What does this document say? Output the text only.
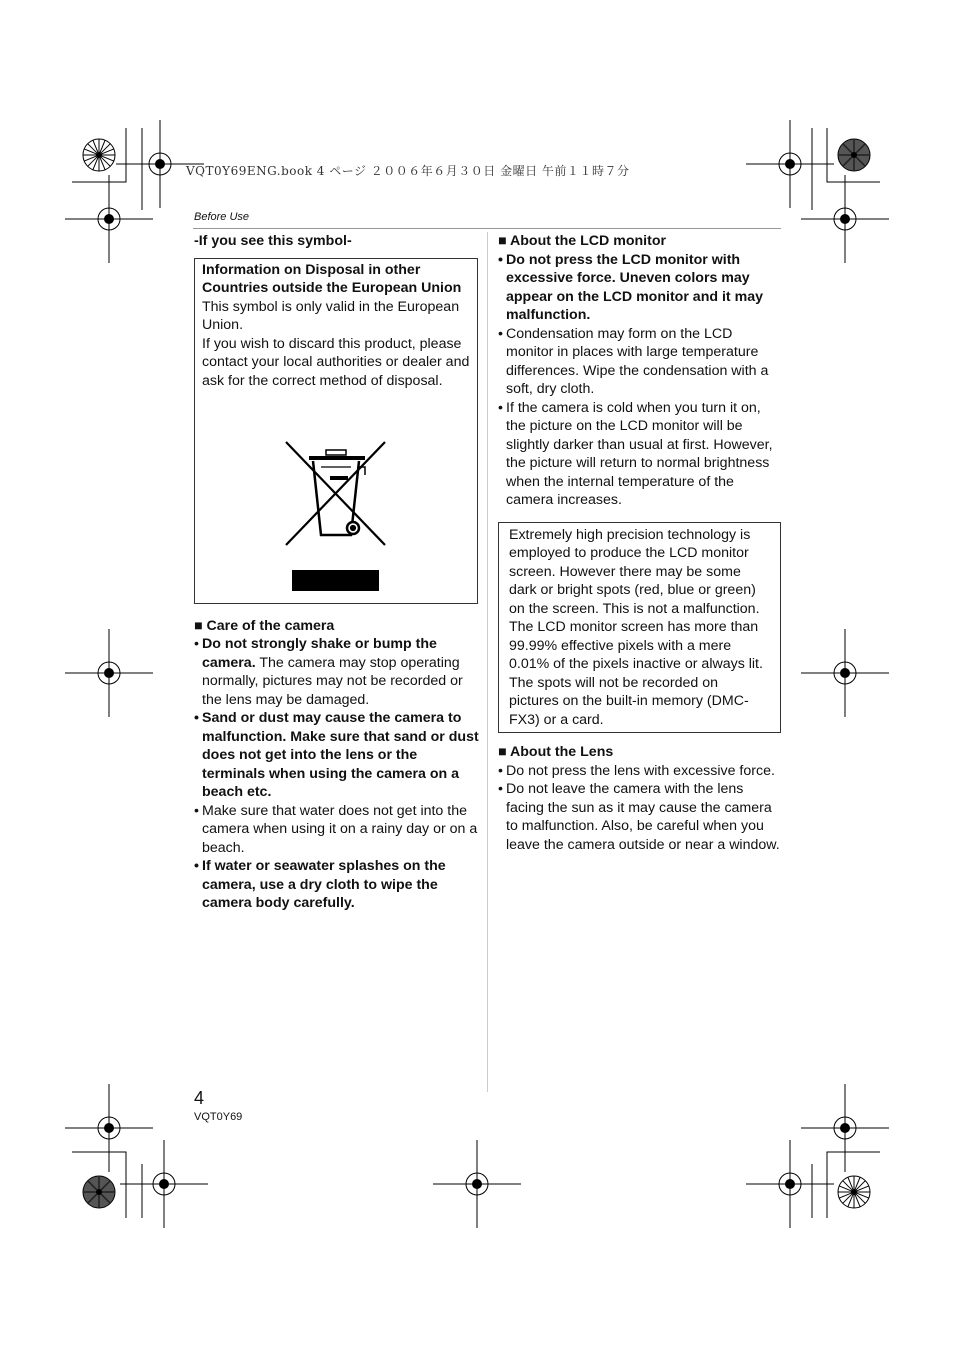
VQT0Y69ENG.book 4 ページ ２００６年６月３０日 金曜日 午前１１時７分
Before Use

-If you see this symbol-

Information on Disposal in other Countries outside the European Union

This symbol is only valid in the European Union.

If you wish to discard this product, please contact your local authorities or dealer and ask for the correct method of disposal.

■ Care of the camera

• Do not strongly shake or bump the camera. The camera may stop operating normally, pictures may not be recorded or the lens may be damaged.
• Sand or dust may cause the camera to malfunction. Make sure that sand or dust does not get into the lens or the terminals when using the camera on a beach etc.
• Make sure that water does not get into the camera when using it on a rainy day or on a beach.
• If water or seawater splashes on the camera, use a dry cloth to wipe the camera body carefully.

■ About the LCD monitor

• Do not press the LCD monitor with excessive force. Uneven colors may appear on the LCD monitor and it may malfunction.
• Condensation may form on the LCD monitor in places with large temperature differences. Wipe the condensation with a soft, dry cloth.
• If the camera is cold when you turn it on, the picture on the LCD monitor will be slightly darker than usual at first. However, the picture will return to normal brightness when the internal temperature of the camera increases.

Extremely high precision technology is employed to produce the LCD monitor screen. However there may be some dark or bright spots (red, blue or green) on the screen. This is not a malfunction. The LCD monitor screen has more than 99.99% effective pixels with a mere 0.01% of the pixels inactive or always lit. The spots will not be recorded on pictures on the built-in memory (DMC-FX3) or a card.

■ About the Lens

• Do not press the lens with excessive force.
• Do not leave the camera with the lens facing the sun as it may cause the camera to malfunction. Also, be careful when you leave the camera outside or near a window.
4
VQT0Y69
